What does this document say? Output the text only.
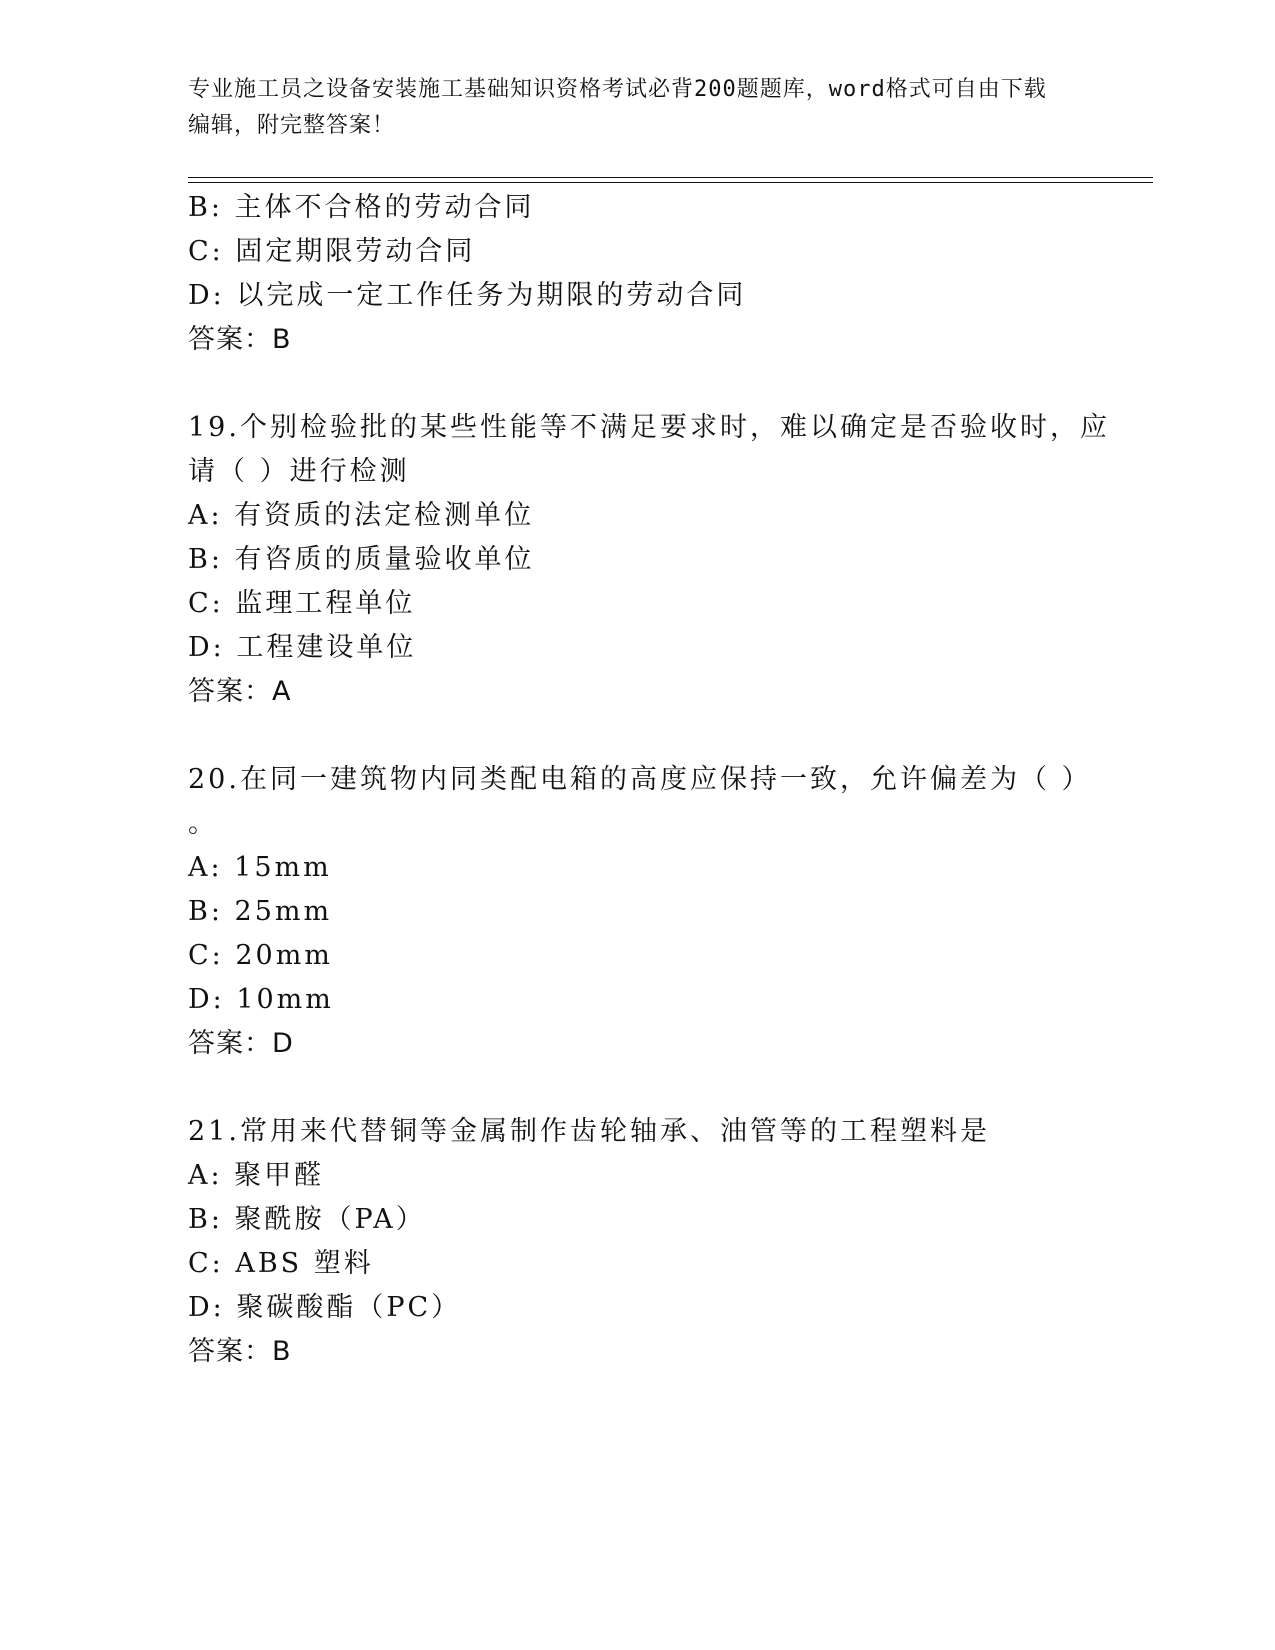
专业施工员之设备安装施工基础知识资格考试必背200题题库，word格式可自由下载编辑，附完整答案！
B: 主体不合格的劳动合同
C: 固定期限劳动合同
D: 以完成一定工作任务为期限的劳动合同
答案：B
19.个别检验批的某些性能等不满足要求时，难以确定是否验收时，应
请（ ）进行检测
A: 有资质的法定检测单位
B: 有咨质的质量验收单位
C: 监理工程单位
D: 工程建设单位
答案：A
20.在同一建筑物内同类配电箱的高度应保持一致，允许偏差为（ ）
。
A: 15mm
B: 25mm
C: 20mm
D: 10mm
答案：D
21.常用来代替铜等金属制作齿轮轴承、油管等的工程塑料是
A: 聚甲醛
B: 聚酰胺（PA）
C: ABS 塑料
D: 聚碳酸酯（PC）
答案：B
